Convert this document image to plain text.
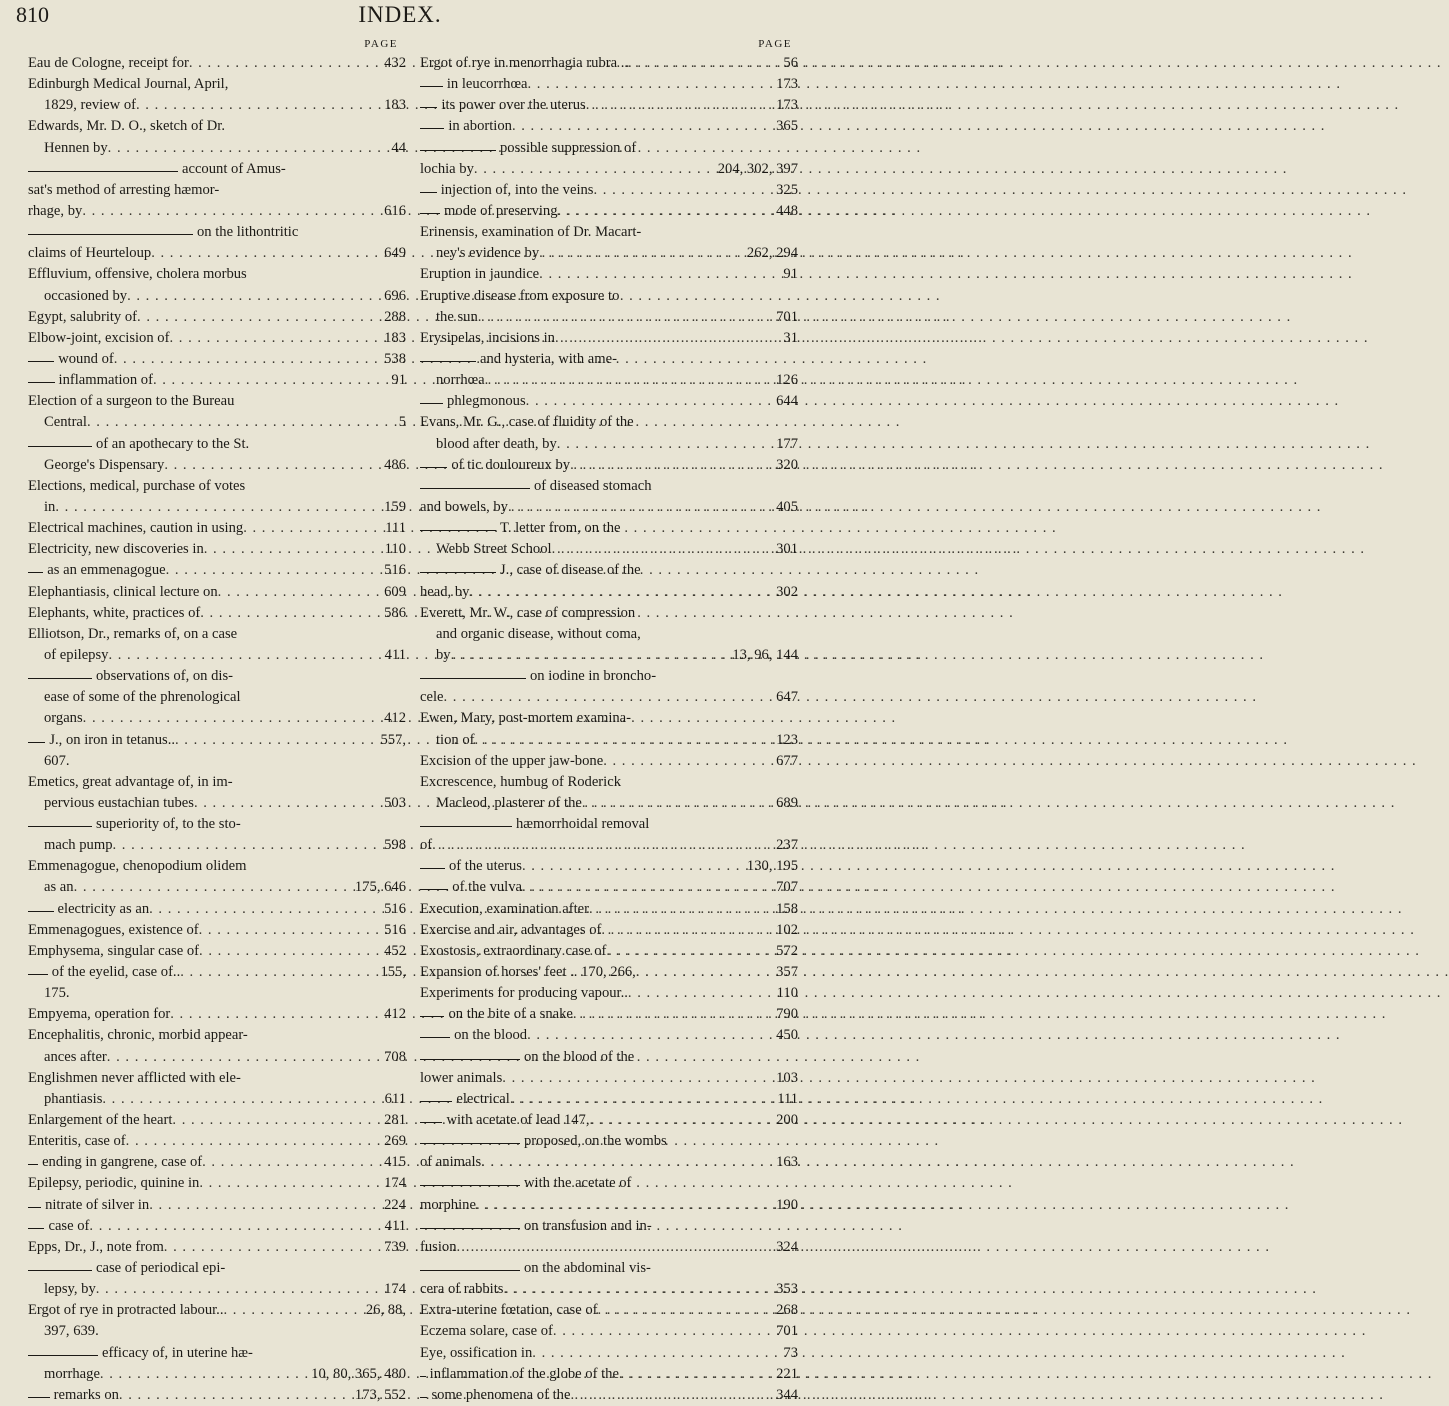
810	INDEX.
PAGE
Eau de Cologne, receipt for . . .	432
Edinburgh Medical Journal, April,
1829, review of . . .	183
Edwards, Mr. D. O., sketch of Dr.
Hennen by . . .	44
account of Amus-
sat's method of arresting hæmor-
rhage, by . . .	616
on the lithontritic
claims of Heurteloup . . .	649
Effluvium, offensive, cholera morbus
occasioned by . . .	696
Egypt, salubrity of . . .	288
Elbow-joint, excision of . . .	183
wound of . . .	538
inflammation of . . .	91
Election of a surgeon to the Bureau
Central . . .	5
of an apothecary to the St.
George's Dispensary . . .	486
Elections, medical, purchase of votes
in . . .	159
Electrical machines, caution in using . . .	111
Electricity, new discoveries in . . .	110
as an emmenagogue . . .	516
Elephantiasis, clinical lecture on . . .	609
Elephants, white, practices of . . .	586
Elliotson, Dr., remarks of, on a case
of epilepsy . . .	411
observations of, on dis-
ease of some of the phrenological
organs . . .	412
J., on iron in tetanus.. . . .	557,
607.
Emetics, great advantage of, in im-
pervious eustachian tubes . . .	503
superiority of, to the sto-
mach pump . . .	598
Emmenagogue, chenopodium olidem
as an . . .	175, 646
electricity as an . . .	516
Emmenagogues, existence of . . .	516
Emphysema, singular case of . . .	452
of the eyelid, case of.. . . .	155,
175.
Empyema, operation for . . .	412
Encephalitis, chronic, morbid appear-
ances after . . .	708
Englishmen never afflicted with ele-
phantiasis . . .	611
Enlargement of the heart . . .	281
Enteritis, case of . . .	269
ending in gangrene, case of . . .	415
Epilepsy, periodic, quinine in . . .	174
nitrate of silver in . . .	224
case of . . .	411
Epps, Dr., J., note from . . .	739
case of periodical epi-
lepsy, by . . .	174
Ergot of rye in protracted labour.. . . .	26, 88,
397, 639.
efficacy of, in uterine hæ-
morrhage . . .	10, 80, 365, 480
remarks on . . .	173, 552
PAGE
Ergot of rye in menorrhagia rubra .. . . .	56
in leucorrhœa . . .	173
its power over the uterus . . .	173
in abortion . . .	365
possible suppression of
lochia by . . .	204, 302, 397
injection of, into the veins . . .	325
mode of preserving . . .	448
Erinensis, examination of Dr. Macart-
ney's evidence by . . .	262, 294
Eruption in jaundice . . .	91
Eruptive disease from exposure to
the sun . . .	701
Erysipelas, incisions in . . .	31
and hysteria, with ame-
norrhœa . . .	126
phlegmonous . . .	644
Evans, Mr. G., case of fluidity of the
blood after death, by . . .	177
of tic douloureux by . . .	320
of diseased stomach
and bowels, by . . .	405
T. letter from, on the
Webb Street School . . .	301
J., case of disease of the
head, by . . .	302
Everett, Mr. W., case of compression
and organic disease, without coma,
by . . .	13, 96, 144
on iodine in broncho-
cele . . .	647
Ewen, Mary, post-mortem examina-
tion of . . .	123
Excision of the upper jaw-bone . . .	677
Excrescence, humbug of Roderick
Macleod, plasterer of the . . .	689
hæmorrhoidal removal
of . . .	237
of the uterus . . .	130, 195
of the vulva . . .	707
Execution, examination after . . .	158
Exercise and air, advantages of . . .	102
Exostosis, extraordinary case of . . .	572
Expansion of horses' feet .. 170, 266, . . .	357
Experiments for producing vapour.. . . .	110
on the bite of a snake . . .	790
on the blood . . .	450
on the blood of the
lower animals . . .	103
electrical . . .	111
with acetate of lead 147, . . .	200
proposed, on the wombs
of animals . . .	163
with the acetate of
morphine . . .	190
on transfusion and in-
fusion . . .	324
on the abdominal vis-
cera of rabbits . . .	353
Extra-uterine fœtation, case of . . .	268
Eczema solare, case of . . .	701
Eye, ossification in . . .	73
inflammation of the globe of the . . .	221
some phenomena of the . . .	344
